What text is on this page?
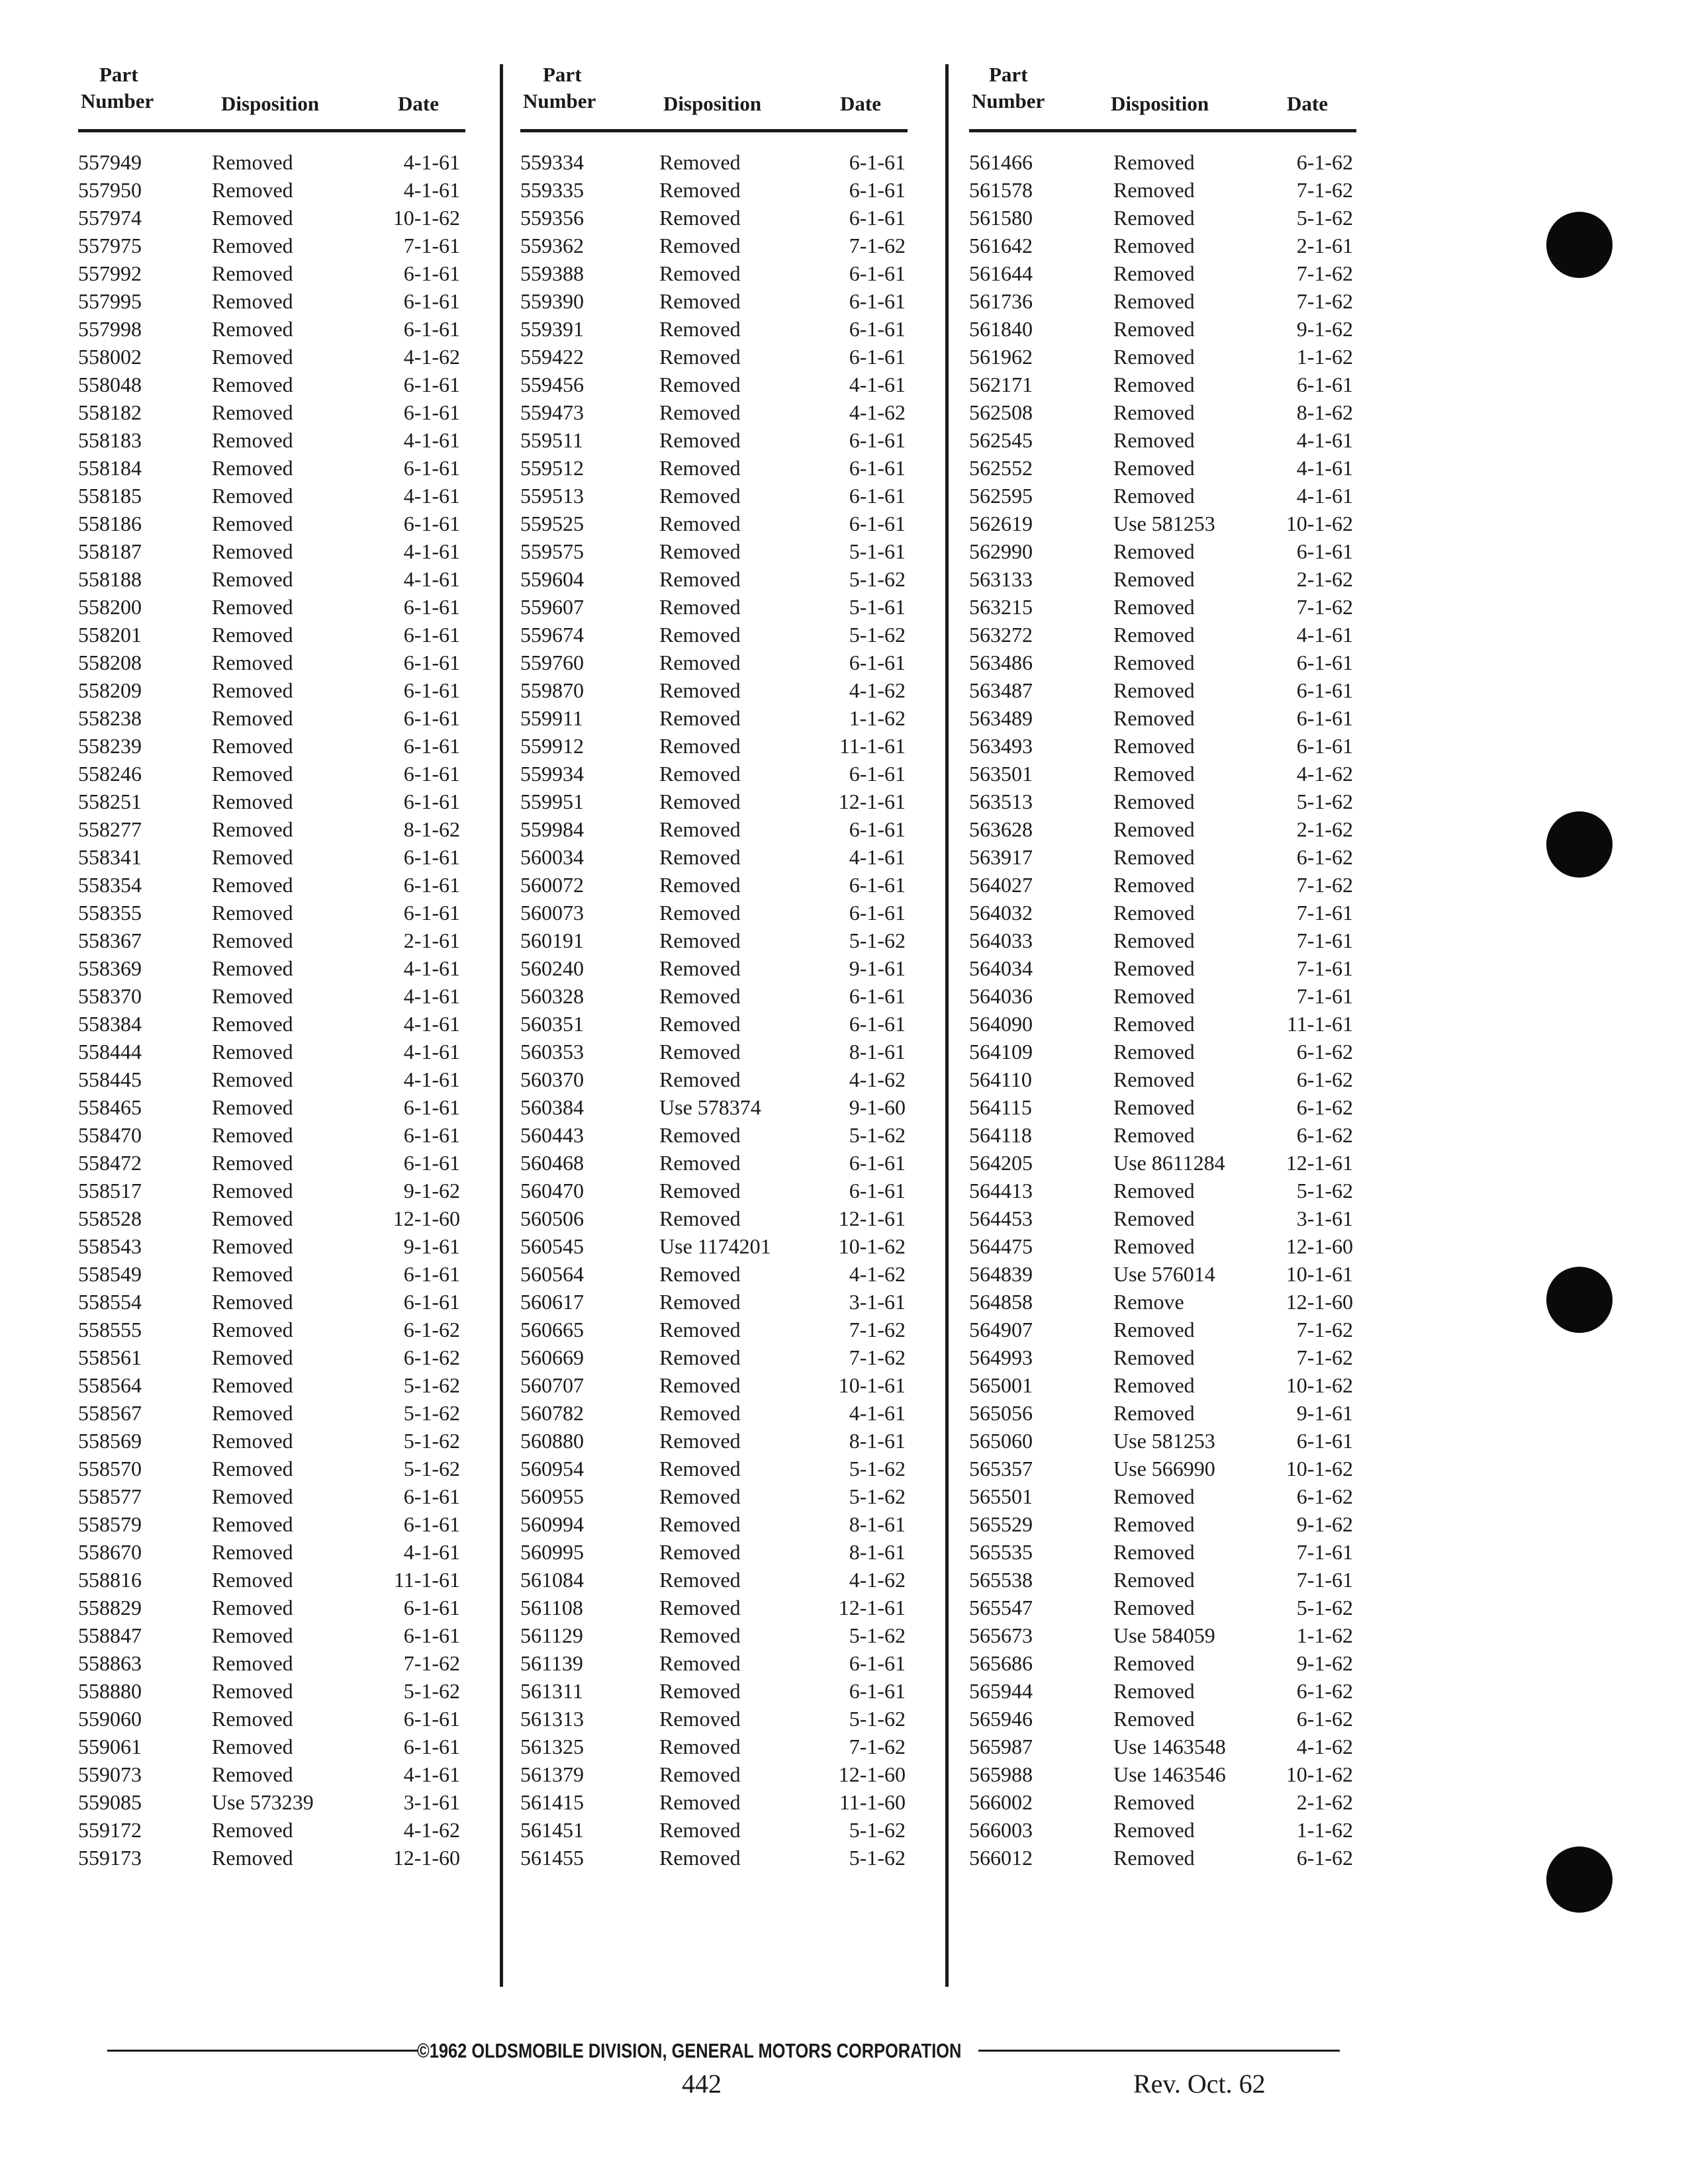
Part
Number	Disposition	Date
557949	Removed	4-1-61
557950	Removed	4-1-61
557974	Removed	10-1-62
557975	Removed	7-1-61
557992	Removed	6-1-61
557995	Removed	6-1-61
557998	Removed	6-1-61
558002	Removed	4-1-62
558048	Removed	6-1-61
558182	Removed	6-1-61
558183	Removed	4-1-61
558184	Removed	6-1-61
558185	Removed	4-1-61
558186	Removed	6-1-61
558187	Removed	4-1-61
558188	Removed	4-1-61
558200	Removed	6-1-61
558201	Removed	6-1-61
558208	Removed	6-1-61
558209	Removed	6-1-61
558238	Removed	6-1-61
558239	Removed	6-1-61
558246	Removed	6-1-61
558251	Removed	6-1-61
558277	Removed	8-1-62
558341	Removed	6-1-61
558354	Removed	6-1-61
558355	Removed	6-1-61
558367	Removed	2-1-61
558369	Removed	4-1-61
558370	Removed	4-1-61
558384	Removed	4-1-61
558444	Removed	4-1-61
558445	Removed	4-1-61
558465	Removed	6-1-61
558470	Removed	6-1-61
558472	Removed	6-1-61
558517	Removed	9-1-62
558528	Removed	12-1-60
558543	Removed	9-1-61
558549	Removed	6-1-61
558554	Removed	6-1-61
558555	Removed	6-1-62
558561	Removed	6-1-62
558564	Removed	5-1-62
558567	Removed	5-1-62
558569	Removed	5-1-62
558570	Removed	5-1-62
558577	Removed	6-1-61
558579	Removed	6-1-61
558670	Removed	4-1-61
558816	Removed	11-1-61
558829	Removed	6-1-61
558847	Removed	6-1-61
558863	Removed	7-1-62
558880	Removed	5-1-62
559060	Removed	6-1-61
559061	Removed	6-1-61
559073	Removed	4-1-61
559085	Use 573239	3-1-61
559172	Removed	4-1-62
559173	Removed	12-1-60
Part
Number	Disposition	Date
559334	Removed	6-1-61
559335	Removed	6-1-61
559356	Removed	6-1-61
559362	Removed	7-1-62
559388	Removed	6-1-61
559390	Removed	6-1-61
559391	Removed	6-1-61
559422	Removed	6-1-61
559456	Removed	4-1-61
559473	Removed	4-1-62
559511	Removed	6-1-61
559512	Removed	6-1-61
559513	Removed	6-1-61
559525	Removed	6-1-61
559575	Removed	5-1-61
559604	Removed	5-1-62
559607	Removed	5-1-61
559674	Removed	5-1-62
559760	Removed	6-1-61
559870	Removed	4-1-62
559911	Removed	1-1-62
559912	Removed	11-1-61
559934	Removed	6-1-61
559951	Removed	12-1-61
559984	Removed	6-1-61
560034	Removed	4-1-61
560072	Removed	6-1-61
560073	Removed	6-1-61
560191	Removed	5-1-62
560240	Removed	9-1-61
560328	Removed	6-1-61
560351	Removed	6-1-61
560353	Removed	8-1-61
560370	Removed	4-1-62
560384	Use 578374	9-1-60
560443	Removed	5-1-62
560468	Removed	6-1-61
560470	Removed	6-1-61
560506	Removed	12-1-61
560545	Use 1174201	10-1-62
560564	Removed	4-1-62
560617	Removed	3-1-61
560665	Removed	7-1-62
560669	Removed	7-1-62
560707	Removed	10-1-61
560782	Removed	4-1-61
560880	Removed	8-1-61
560954	Removed	5-1-62
560955	Removed	5-1-62
560994	Removed	8-1-61
560995	Removed	8-1-61
561084	Removed	4-1-62
561108	Removed	12-1-61
561129	Removed	5-1-62
561139	Removed	6-1-61
561311	Removed	6-1-61
561313	Removed	5-1-62
561325	Removed	7-1-62
561379	Removed	12-1-60
561415	Removed	11-1-60
561451	Removed	5-1-62
561455	Removed	5-1-62
Part
Number	Disposition	Date
561466	Removed	6-1-62
561578	Removed	7-1-62
561580	Removed	5-1-62
561642	Removed	2-1-61
561644	Removed	7-1-62
561736	Removed	7-1-62
561840	Removed	9-1-62
561962	Removed	1-1-62
562171	Removed	6-1-61
562508	Removed	8-1-62
562545	Removed	4-1-61
562552	Removed	4-1-61
562595	Removed	4-1-61
562619	Use 581253	10-1-62
562990	Removed	6-1-61
563133	Removed	2-1-62
563215	Removed	7-1-62
563272	Removed	4-1-61
563486	Removed	6-1-61
563487	Removed	6-1-61
563489	Removed	6-1-61
563493	Removed	6-1-61
563501	Removed	4-1-62
563513	Removed	5-1-62
563628	Removed	2-1-62
563917	Removed	6-1-62
564027	Removed	7-1-62
564032	Removed	7-1-61
564033	Removed	7-1-61
564034	Removed	7-1-61
564036	Removed	7-1-61
564090	Removed	11-1-61
564109	Removed	6-1-62
564110	Removed	6-1-62
564115	Removed	6-1-62
564118	Removed	6-1-62
564205	Use 8611284	12-1-61
564413	Removed	5-1-62
564453	Removed	3-1-61
564475	Removed	12-1-60
564839	Use 576014	10-1-61
564858	Remove	12-1-60
564907	Removed	7-1-62
564993	Removed	7-1-62
565001	Removed	10-1-62
565056	Removed	9-1-61
565060	Use 581253	6-1-61
565357	Use 566990	10-1-62
565501	Removed	6-1-62
565529	Removed	9-1-62
565535	Removed	7-1-61
565538	Removed	7-1-61
565547	Removed	5-1-62
565673	Use 584059	1-1-62
565686	Removed	9-1-62
565944	Removed	6-1-62
565946	Removed	6-1-62
565987	Use 1463548	4-1-62
565988	Use 1463546	10-1-62
566002	Removed	2-1-62
566003	Removed	1-1-62
566012	Removed	6-1-62
©1962 OLDSMOBILE DIVISION, GENERAL MOTORS CORPORATION
442	Rev. Oct. 62
